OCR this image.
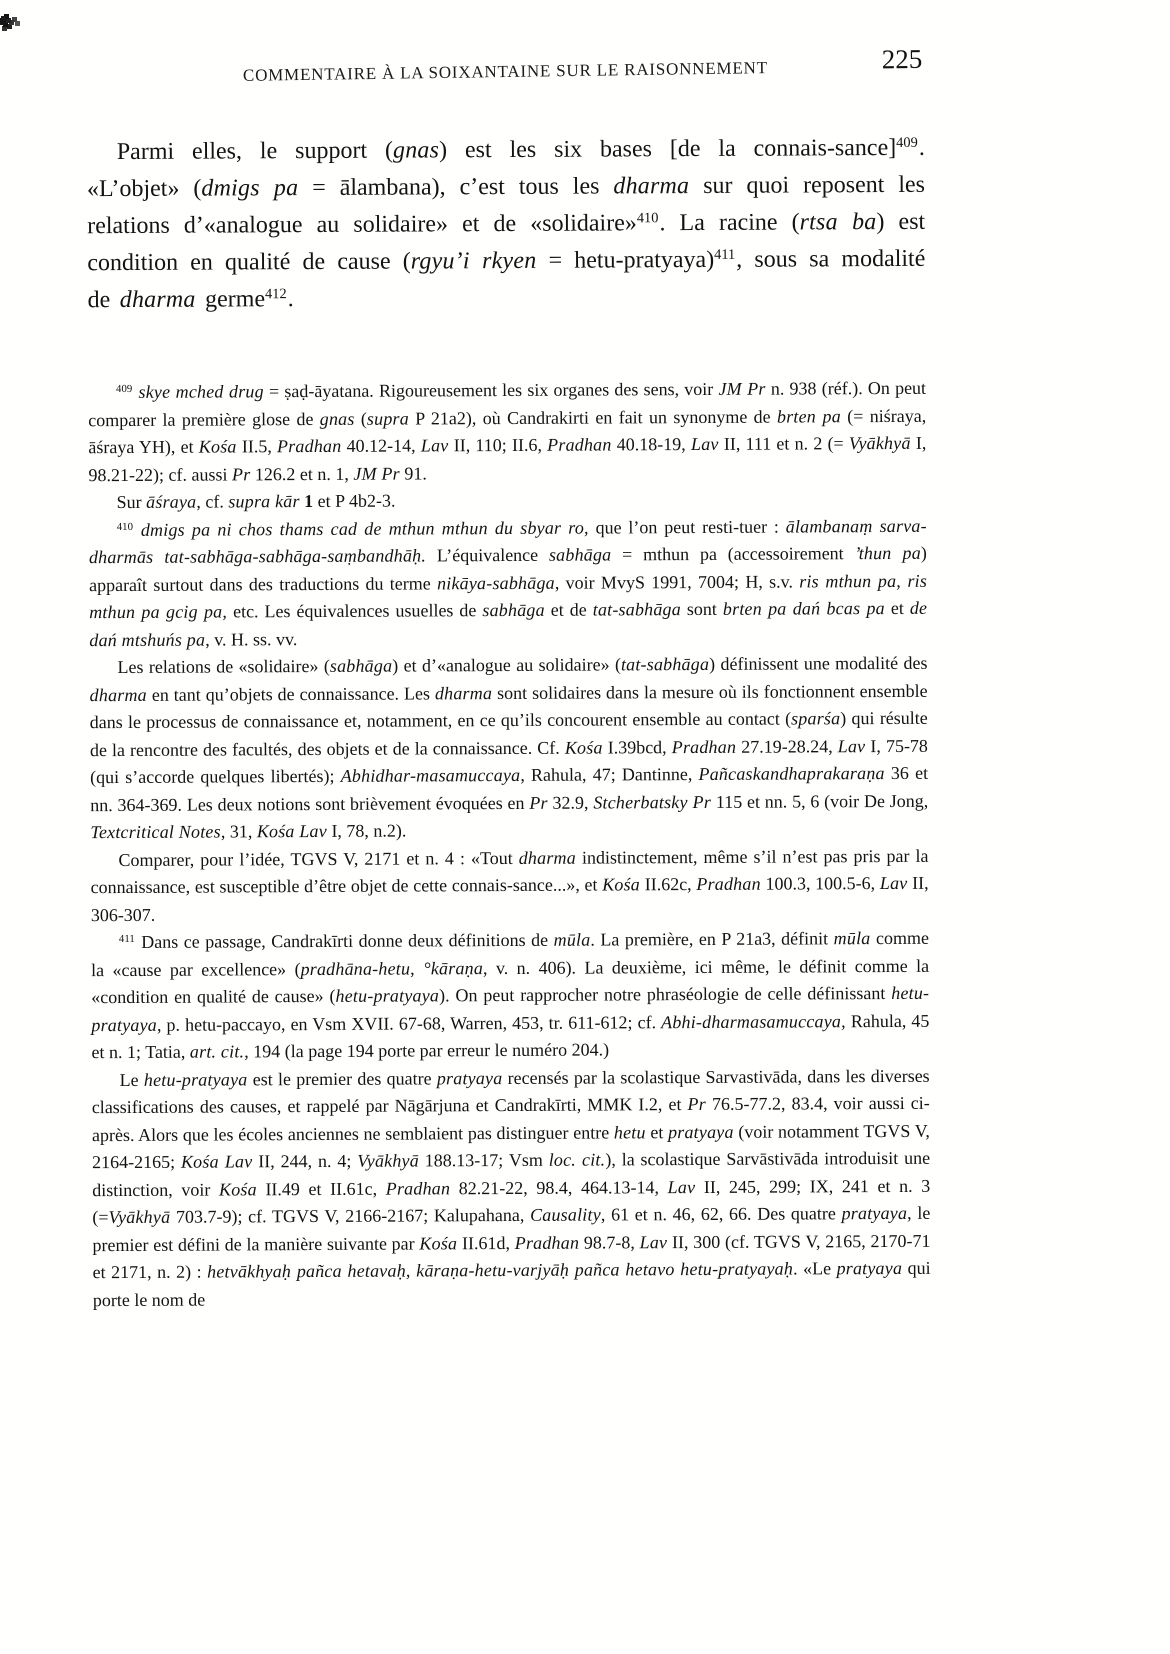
COMMENTAIRE À LA SOIXANTAINE SUR LE RAISONNEMENT	225

Parmi elles, le support (gnas) est les six bases [de la connais-sance]$^{409}$. «L’objet» (dmigs pa = ālambana), c’est tous les dharma sur quoi reposent les relations d’«analogue au solidaire» et de «solidaire»$^{410}$. La racine (rtsa ba) est condition en qualité de cause (rgyu’i rkyen = hetu-pratyaya)$^{411}$, sous sa modalité de dharma germe$^{412}$.

$^{409}$ skye mched drug = ṣaḍ-āyatana. Rigoureusement les six organes des sens, voir JM Pr n. 938 (réf.). On peut comparer la première glose de gnas (supra P 21a2), où Candrakirti en fait un synonyme de brten pa (= niśraya, āśraya YH), et Kośa II.5, Pradhan 40.12-14, Lav II, 110; II.6, Pradhan 40.18-19, Lav II, 111 et n. 2 (= Vyākhyā I, 98.21-22); cf. aussi Pr 126.2 et n. 1, JM Pr 91.

Sur āśraya, cf. supra kār 1 et P 4b2-3.

$^{410}$ dmigs pa ni chos thams cad de mthun mthun du sbyar ro, que l’on peut resti-tuer : ālambanaṃ sarva-dharmās tat-sabhāga-sabhāga-saṃbandhāḥ. L’équivalence sabhāga = mthun pa (accessoirement ’thun pa) apparaît surtout dans des traductions du terme nikāya-sabhāga, voir MvyS 1991, 7004; H, s.v. ris mthun pa, ris mthun pa gcig pa, etc. Les équivalences usuelles de sabhāga et de tat-sabhāga sont brten pa dań bcas pa et de dań mtshuńs pa, v. H. ss. vv.

Les relations de «solidaire» (sabhāga) et d’«analogue au solidaire» (tat-sabhāga) définissent une modalité des dharma en tant qu’objets de connaissance. Les dharma sont solidaires dans la mesure où ils fonctionnent ensemble dans le processus de connaissance et, notamment, en ce qu’ils concourent ensemble au contact (sparśa) qui résulte de la rencontre des facultés, des objets et de la connaissance. Cf. Kośa I.39bcd, Pradhan 27.19-28.24, Lav I, 75-78 (qui s’accorde quelques libertés); Abhidhar-masamuccaya, Rahula, 47; Dantinne, Pañcaskandhaprakaraṇa 36 et nn. 364-369. Les deux notions sont brièvement évoquées en Pr 32.9, Stcherbatsky Pr 115 et nn. 5, 6 (voir De Jong, Textcritical Notes, 31, Kośa Lav I, 78, n.2).

Comparer, pour l’idée, TGVS V, 2171 et n. 4 : «Tout dharma indistinctement, même s’il n’est pas pris par la connaissance, est susceptible d’être objet de cette connais-sance...», et Kośa II.62c, Pradhan 100.3, 100.5-6, Lav II, 306-307.

$^{411}$ Dans ce passage, Candrakīrti donne deux définitions de mūla. La première, en P 21a3, définit mūla comme la «cause par excellence» (pradhāna-hetu, °kāraṇa, v. n. 406). La deuxième, ici même, le définit comme la «condition en qualité de cause» (hetu-pratyaya). On peut rapprocher notre phraséologie de celle définissant hetu-pratyaya, p. hetu-paccayo, en Vsm XVII. 67-68, Warren, 453, tr. 611-612; cf. Abhi-dharmasamuccaya, Rahula, 45 et n. 1; Tatia, art. cit., 194 (la page 194 porte par erreur le numéro 204.)

Le hetu-pratyaya est le premier des quatre pratyaya recensés par la scolastique Sarvastivāda, dans les diverses classifications des causes, et rappelé par Nāgārjuna et Candrakīrti, MMK I.2, et Pr 76.5-77.2, 83.4, voir aussi ci-après. Alors que les écoles anciennes ne semblaient pas distinguer entre hetu et pratyaya (voir notamment TGVS V, 2164-2165; Kośa Lav II, 244, n. 4; Vyākhyā 188.13-17; Vsm loc. cit.), la scolastique Sarvāstivāda introduisit une distinction, voir Kośa II.49 et II.61c, Pradhan 82.21-22, 98.4, 464.13-14, Lav II, 245, 299; IX, 241 et n. 3 (=Vyākhyā 703.7-9); cf. TGVS V, 2166-2167; Kalupahana, Causality, 61 et n. 46, 62, 66. Des quatre pratyaya, le premier est défini de la manière suivante par Kośa II.61d, Pradhan 98.7-8, Lav II, 300 (cf. TGVS V, 2165, 2170-71 et 2171, n. 2) : hetvākhyaḥ pañca hetavaḥ, kāraṇa-hetu-varjyāḥ pañca hetavo hetu-pratyayaḥ. «Le pratyaya qui porte le nom de
